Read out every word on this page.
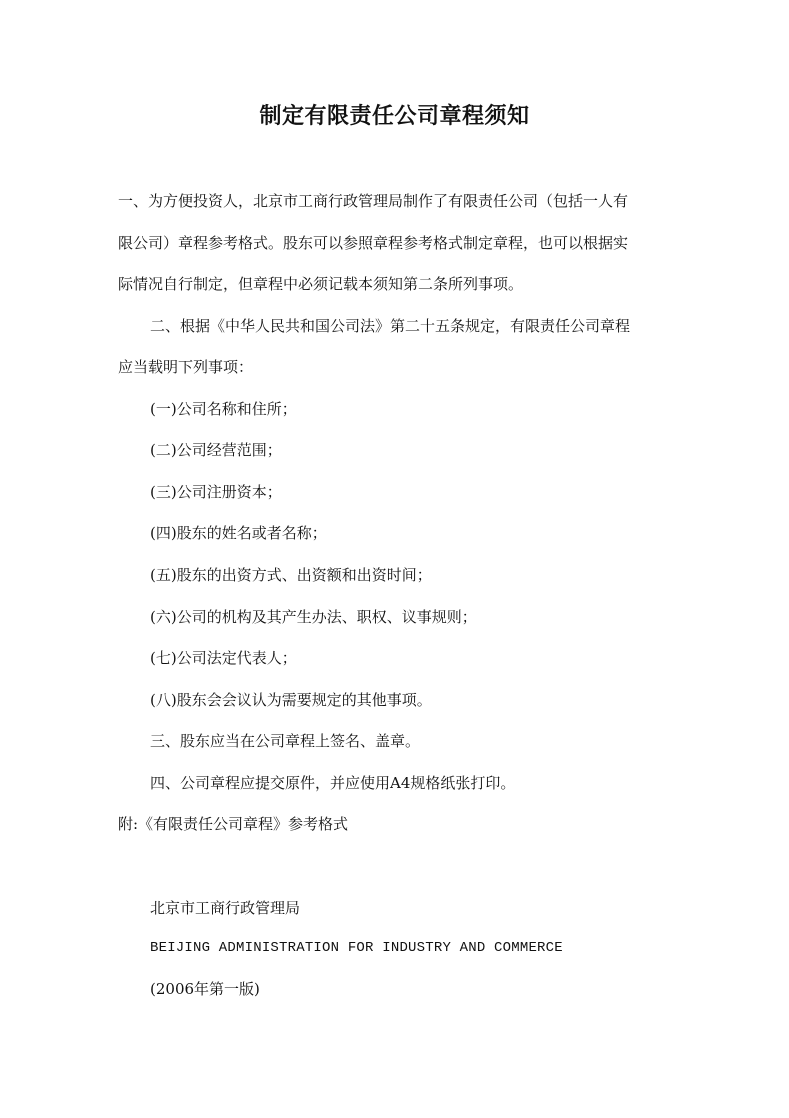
制定有限责任公司章程须知

一、为方便投资人，北京市工商行政管理局制作了有限责任公司（包括一人有

限公司）章程参考格式。股东可以参照章程参考格式制定章程，也可以根据实

际情况自行制定，但章程中必须记载本须知第二条所列事项。

二、根据《中华人民共和国公司法》第二十五条规定，有限责任公司章程

应当载明下列事项：

(一)公司名称和住所；

(二)公司经营范围；

(三)公司注册资本；

(四)股东的姓名或者名称；

(五)股东的出资方式、出资额和出资时间；

(六)公司的机构及其产生办法、职权、议事规则；

(七)公司法定代表人；

(八)股东会会议认为需要规定的其他事项。

三、股东应当在公司章程上签名、盖章。

四、公司章程应提交原件，并应使用A4规格纸张打印。

附:《有限责任公司章程》参考格式

北京市工商行政管理局

BEIJING ADMINISTRATION FOR INDUSTRY AND COMMERCE

(2006年第一版)
